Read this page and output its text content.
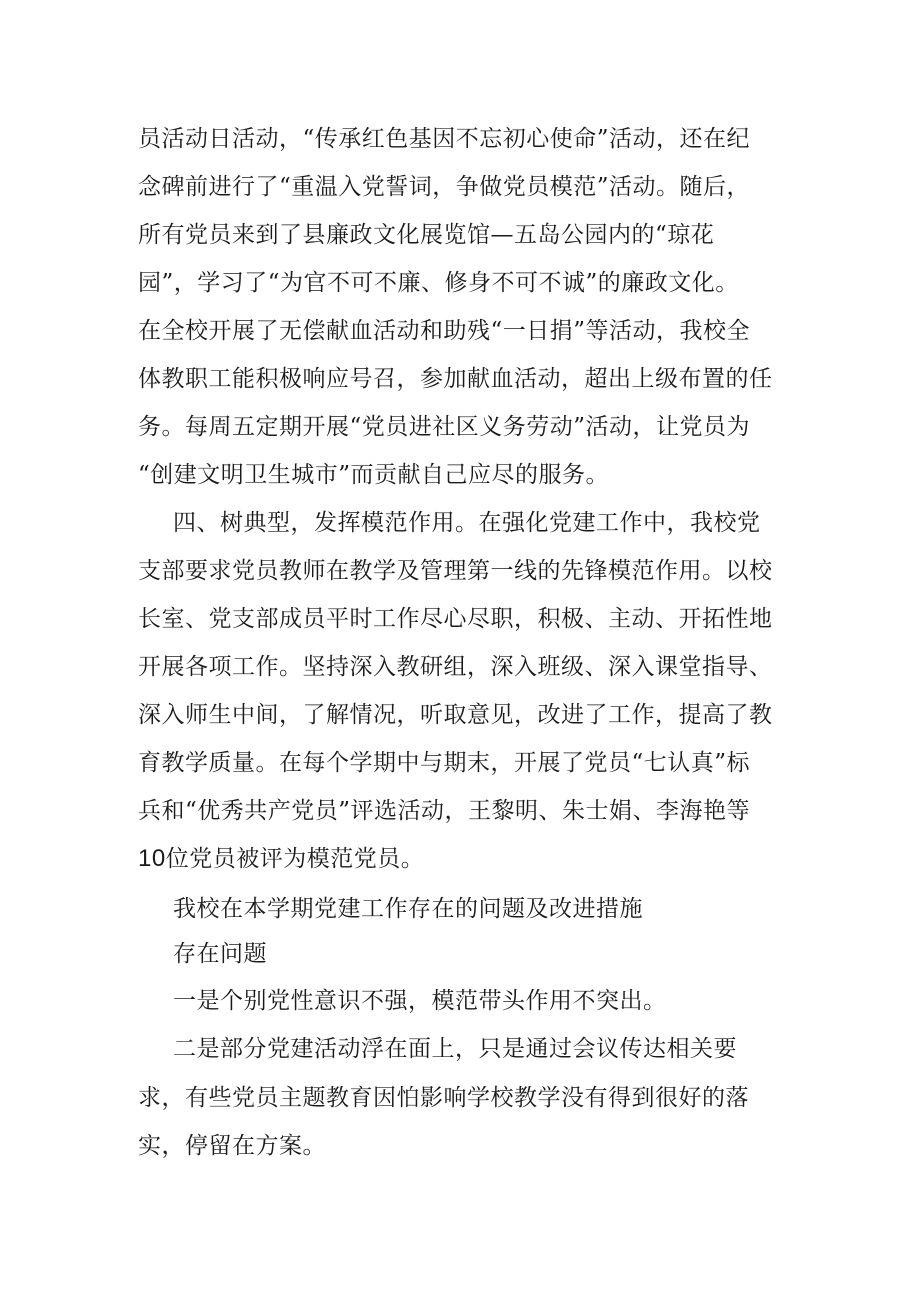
员活动日活动，“传承红色基因不忘初心使命”活动，还在纪
念碑前进行了“重温入党誓词，争做党员模范”活动。随后，
所有党员来到了县廉政文化展览馆—五岛公园内的“琼花
园”，学习了“为官不可不廉、修身不可不诚”的廉政文化。
在全校开展了无偿献血活动和助残“一日捐”等活动，我校全
体教职工能积极响应号召，参加献血活动，超出上级布置的任
务。每周五定期开展“党员进社区义务劳动”活动，让党员为
“创建文明卫生城市”而贡献自己应尽的服务。
四、树典型，发挥模范作用。在强化党建工作中，我校党
支部要求党员教师在教学及管理第一线的先锋模范作用。以校
长室、党支部成员平时工作尽心尽职，积极、主动、开拓性地
开展各项工作。坚持深入教研组，深入班级、深入课堂指导、
深入师生中间，了解情况，听取意见，改进了工作，提高了教
育教学质量。在每个学期中与期末，开展了党员“七认真”标
兵和“优秀共产党员”评选活动，王黎明、朱士娟、李海艳等
10位党员被评为模范党员。
我校在本学期党建工作存在的问题及改进措施
存在问题
一是个别党性意识不强，模范带头作用不突出。
二是部分党建活动浮在面上，只是通过会议传达相关要
求，有些党员主题教育因怕影响学校教学没有得到很好的落
实，停留在方案。
